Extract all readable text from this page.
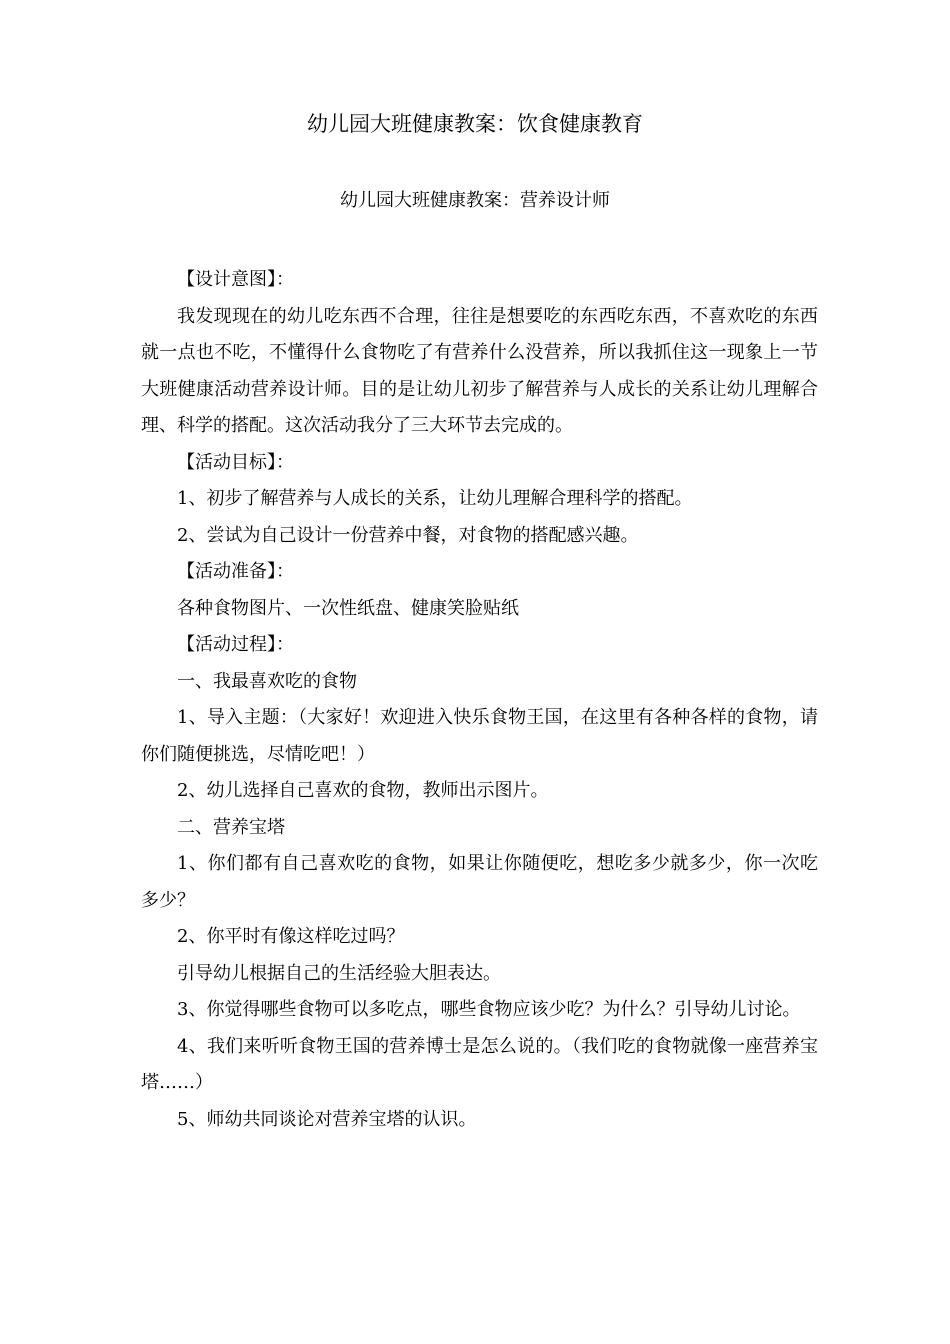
幼儿园大班健康教案：饮食健康教育
幼儿园大班健康教案：营养设计师

【设计意图】：

我发现现在的幼儿吃东西不合理，往往是想要吃的东西吃东西，不喜欢吃的东西就一点也不吃，不懂得什么食物吃了有营养什么没营养，所以我抓住这一现象上一节大班健康活动营养设计师。目的是让幼儿初步了解营养与人成长的关系让幼儿理解合理、科学的搭配。这次活动我分了三大环节去完成的。

【活动目标】：

1、初步了解营养与人成长的关系，让幼儿理解合理科学的搭配。

2、尝试为自己设计一份营养中餐，对食物的搭配感兴趣。

【活动准备】：

各种食物图片、一次性纸盘、健康笑脸贴纸

【活动过程】：

一、我最喜欢吃的食物

1、导入主题：（大家好！欢迎进入快乐食物王国，在这里有各种各样的食物，请你们随便挑选，尽情吃吧！）

2、幼儿选择自己喜欢的食物，教师出示图片。

二、营养宝塔

1、你们都有自己喜欢吃的食物，如果让你随便吃，想吃多少就多少，你一次吃多少？

2、你平时有像这样吃过吗？

引导幼儿根据自己的生活经验大胆表达。

3、你觉得哪些食物可以多吃点，哪些食物应该少吃？为什么？引导幼儿讨论。

4、我们来听听食物王国的营养博士是怎么说的。（我们吃的食物就像一座营养宝塔……）

5、师幼共同谈论对营养宝塔的认识。
